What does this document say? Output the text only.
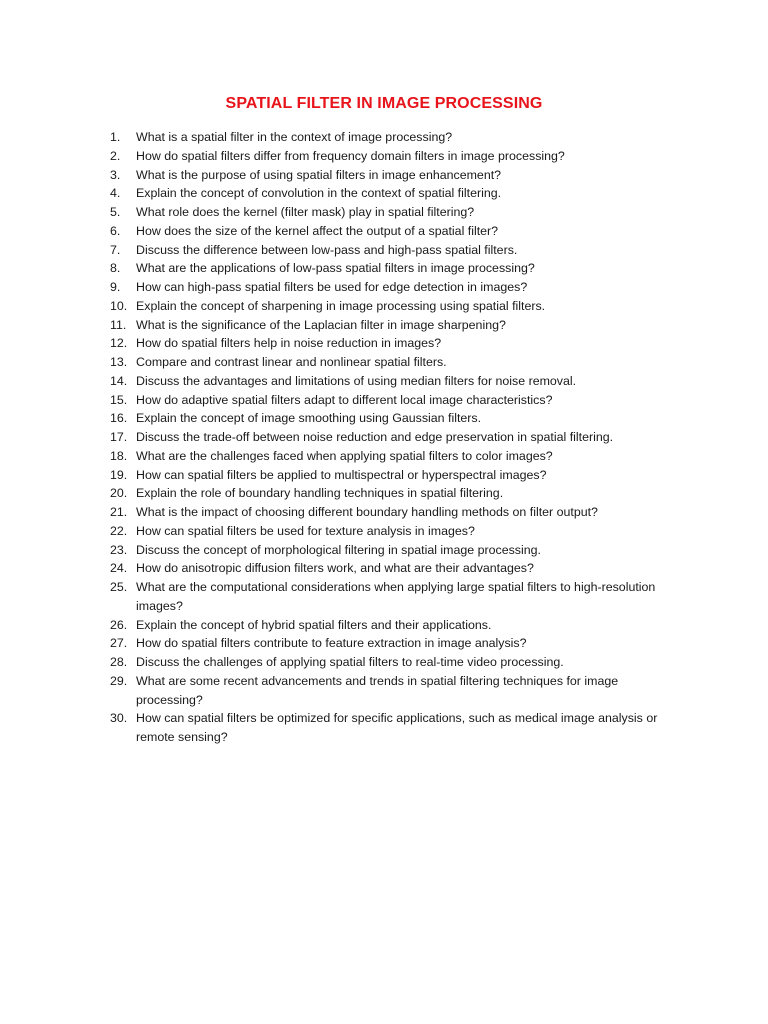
SPATIAL FILTER IN IMAGE PROCESSING
1.	What is a spatial filter in the context of image processing?
2.	How do spatial filters differ from frequency domain filters in image processing?
3.	What is the purpose of using spatial filters in image enhancement?
4.	Explain the concept of convolution in the context of spatial filtering.
5.	What role does the kernel (filter mask) play in spatial filtering?
6.	How does the size of the kernel affect the output of a spatial filter?
7.	Discuss the difference between low-pass and high-pass spatial filters.
8.	What are the applications of low-pass spatial filters in image processing?
9.	How can high-pass spatial filters be used for edge detection in images?
10. Explain the concept of sharpening in image processing using spatial filters.
11. What is the significance of the Laplacian filter in image sharpening?
12. How do spatial filters help in noise reduction in images?
13. Compare and contrast linear and nonlinear spatial filters.
14. Discuss the advantages and limitations of using median filters for noise removal.
15. How do adaptive spatial filters adapt to different local image characteristics?
16. Explain the concept of image smoothing using Gaussian filters.
17. Discuss the trade-off between noise reduction and edge preservation in spatial filtering.
18. What are the challenges faced when applying spatial filters to color images?
19. How can spatial filters be applied to multispectral or hyperspectral images?
20. Explain the role of boundary handling techniques in spatial filtering.
21. What is the impact of choosing different boundary handling methods on filter output?
22. How can spatial filters be used for texture analysis in images?
23. Discuss the concept of morphological filtering in spatial image processing.
24. How do anisotropic diffusion filters work, and what are their advantages?
25. What are the computational considerations when applying large spatial filters to high-resolution
images?
26. Explain the concept of hybrid spatial filters and their applications.
27. How do spatial filters contribute to feature extraction in image analysis?
28. Discuss the challenges of applying spatial filters to real-time video processing.
29. What are some recent advancements and trends in spatial filtering techniques for image
processing?
30. How can spatial filters be optimized for specific applications, such as medical image analysis or
remote sensing?
